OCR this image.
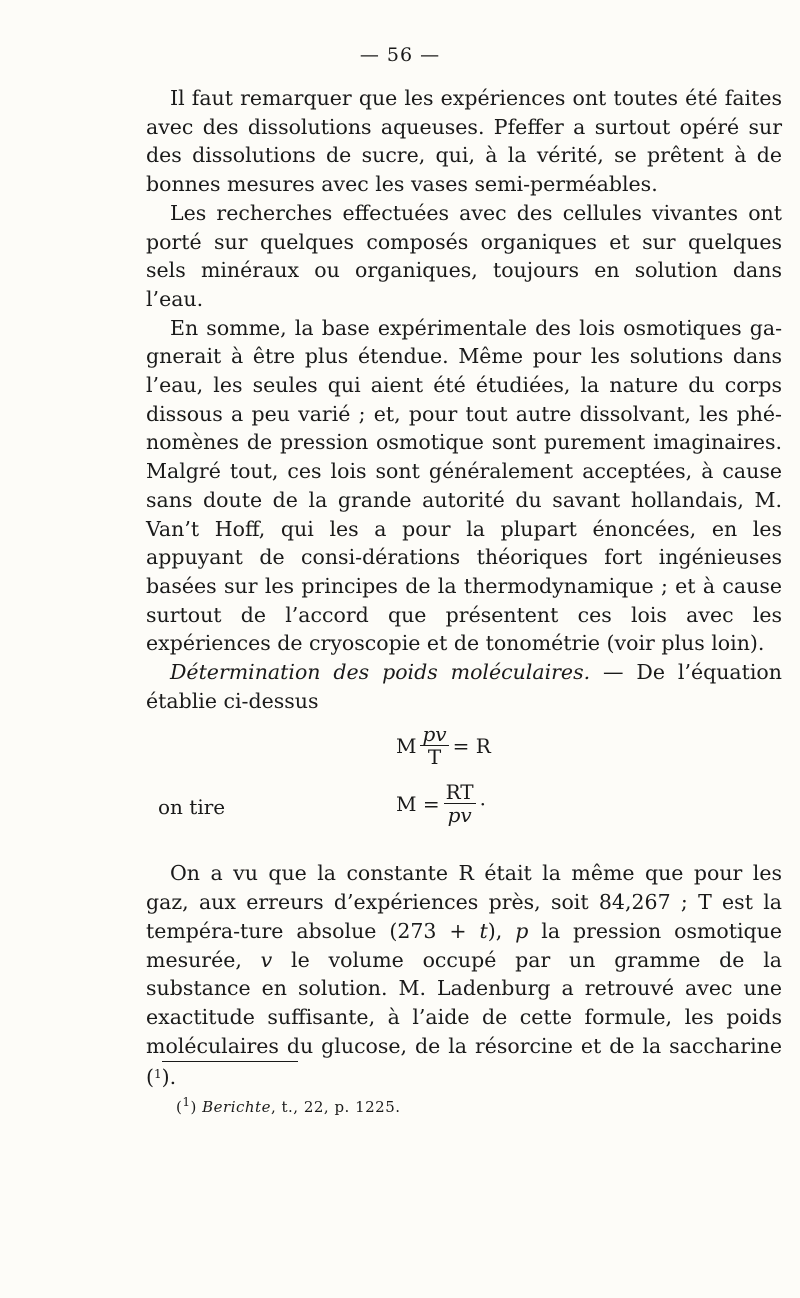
— 56 —

Il faut remarquer que les expériences ont toutes été faites avec des dissolutions aqueuses. Pfeffer a surtout opéré sur des dissolutions de sucre, qui, à la vérité, se prêtent à de bonnes mesures avec les vases semi-perméables.

Les recherches effectuées avec des cellules vivantes ont porté sur quelques composés organiques et sur quelques sels minéraux ou organiques, toujours en solution dans l’eau.

En somme, la base expérimentale des lois osmotiques ga-gnerait à être plus étendue. Même pour les solutions dans l’eau, les seules qui aient été étudiées, la nature du corps dissous a peu varié ; et, pour tout autre dissolvant, les phé-nomènes de pression osmotique sont purement imaginaires. Malgré tout, ces lois sont généralement acceptées, à cause sans doute de la grande autorité du savant hollandais, M. Van’t Hoff, qui les a pour la plupart énoncées, en les appuyant de consi-dérations théoriques fort ingénieuses basées sur les principes de la thermodynamique ; et à cause surtout de l’accord que présentent ces lois avec les expériences de cryoscopie et de tonométrie (voir plus loin).

Détermination des poids moléculaires. — De l’équation établie ci-dessus

M $\frac{pv}{T} = R$
on tire	$M = \frac{RT}{pv}$ ·

On a vu que la constante R était la même que pour les gaz, aux erreurs d’expériences près, soit 84,267 ; T est la tempéra-ture absolue (273 + t), p la pression osmotique mesurée, v le volume occupé par un gramme de la substance en solution. M. Ladenburg a retrouvé avec une exactitude suffisante, à l’aide de cette formule, les poids moléculaires du glucose, de la résorcine et de la saccharine ($^1$).

($^1$) Berichte, t., 22, p. 1225.
